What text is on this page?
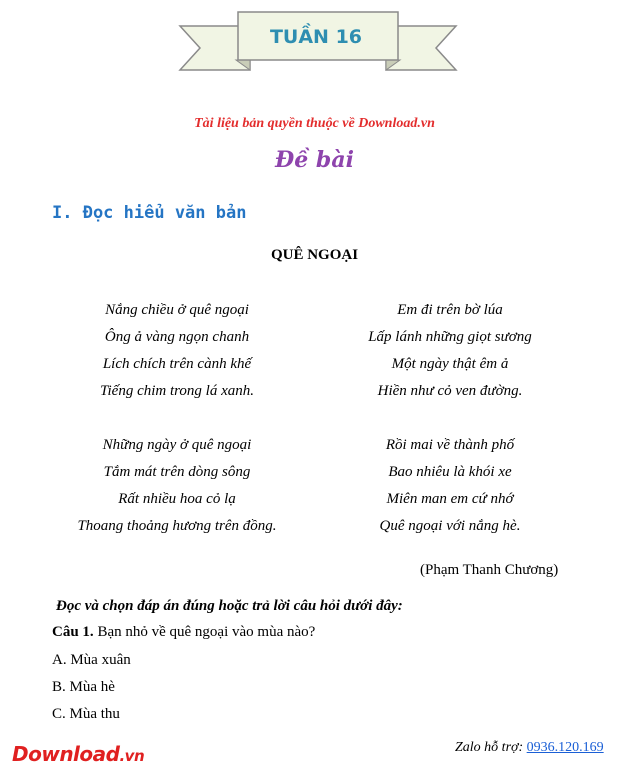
TUẦN 16
Tài liệu bản quyền thuộc về Download.vn
Đề bài
I. Đọc hiểu văn bản
QUÊ NGOẠI
Nắng chiều ở quê ngoại
Ông ả vàng ngọn chanh
Lích chích trên cành khế
Tiếng chim trong lá xanh.
Những ngày ở quê ngoại
Tắm mát trên dòng sông
Rất nhiều hoa cỏ lạ
Thoang thoảng hương trên đồng.
Em đi trên bờ lúa
Lấp lánh những giọt sương
Một ngày thật êm ả
Hiền như cỏ ven đường.
Rồi mai về thành phố
Bao nhiêu là khói xe
Miên man em cứ nhớ
Quê ngoại với nắng hè.
(Phạm Thanh Chương)
Đọc và chọn đáp án đúng hoặc trả lời câu hỏi dưới đây:
Câu 1. Bạn nhỏ về quê ngoại vào mùa nào?
A. Mùa xuân
B. Mùa hè
C. Mùa thu
Download.vn	Zalo hỗ trợ: 0936.120.169
